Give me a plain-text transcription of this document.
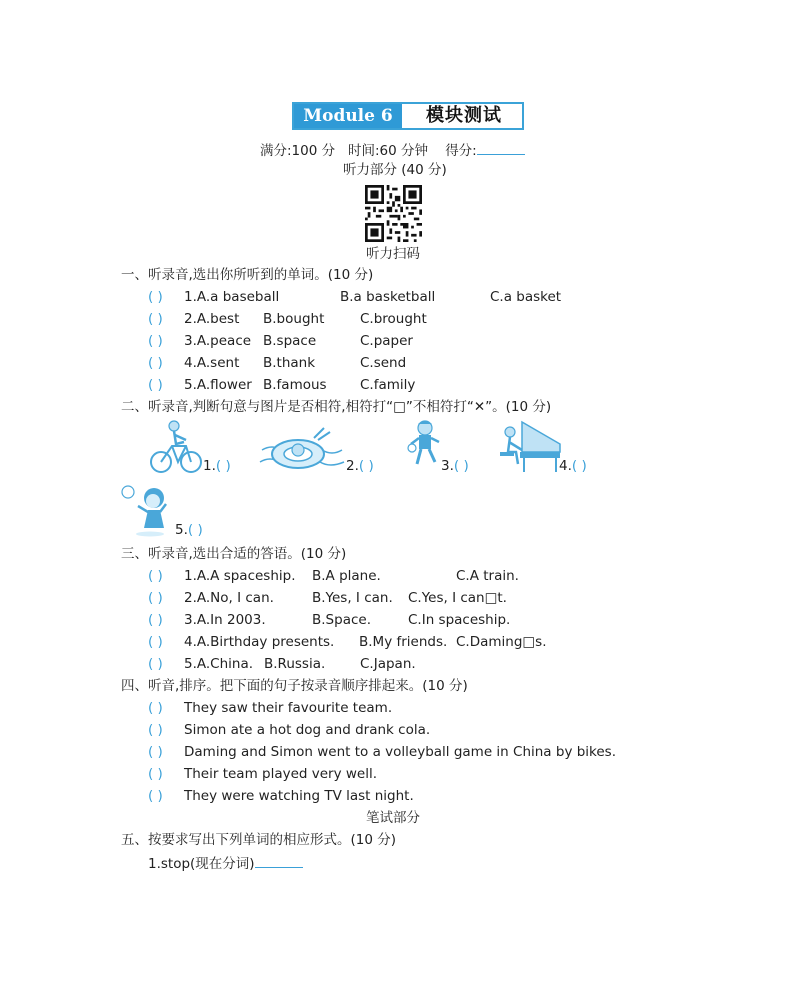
Module 6	模块测试
满分:100 分 时间:60 分钟 得分:
听力部分 (40 分)
听力扫码
一、听录音,选出你所听到的单词。(10 分)
( ) 1.A.a baseball	B.a basketball	C.a basket
( ) 2.A.best B.bought	C.brought
( ) 3.A.peace B.space	C.paper
( ) 4.A.sent B.thank	C.send
( ) 5.A.flower B.famous C.family
二、听录音,判断句意与图片是否相符,相符打“□”不相符打“✕”。(10 分)
1.( )	2.( )	3.( )	4.( )
5.( )
三、听录音,选出合适的答语。(10 分)
( ) 1.A.A spaceship. B.A plane.	C.A train.
( ) 2.A.No, I can.	B.Yes, I can. C.Yes, I can□t.
( ) 3.A.In 2003.	B.Space.	C.In spaceship.
( ) 4.A.Birthday presents. B.My friends. C.Daming□s.
( ) 5.A.China. B.Russia.	C.Japan.
四、听音,排序。把下面的句子按录音顺序排起来。(10 分)
( ) They saw their favourite team.
( ) Simon ate a hot dog and drank cola.
( ) Daming and Simon went to a volleyball game in China by bikes.
( ) Their team played very well.
( ) They were watching TV last night.
笔试部分
五、按要求写出下列单词的相应形式。(10 分)
1.stop(现在分词)
